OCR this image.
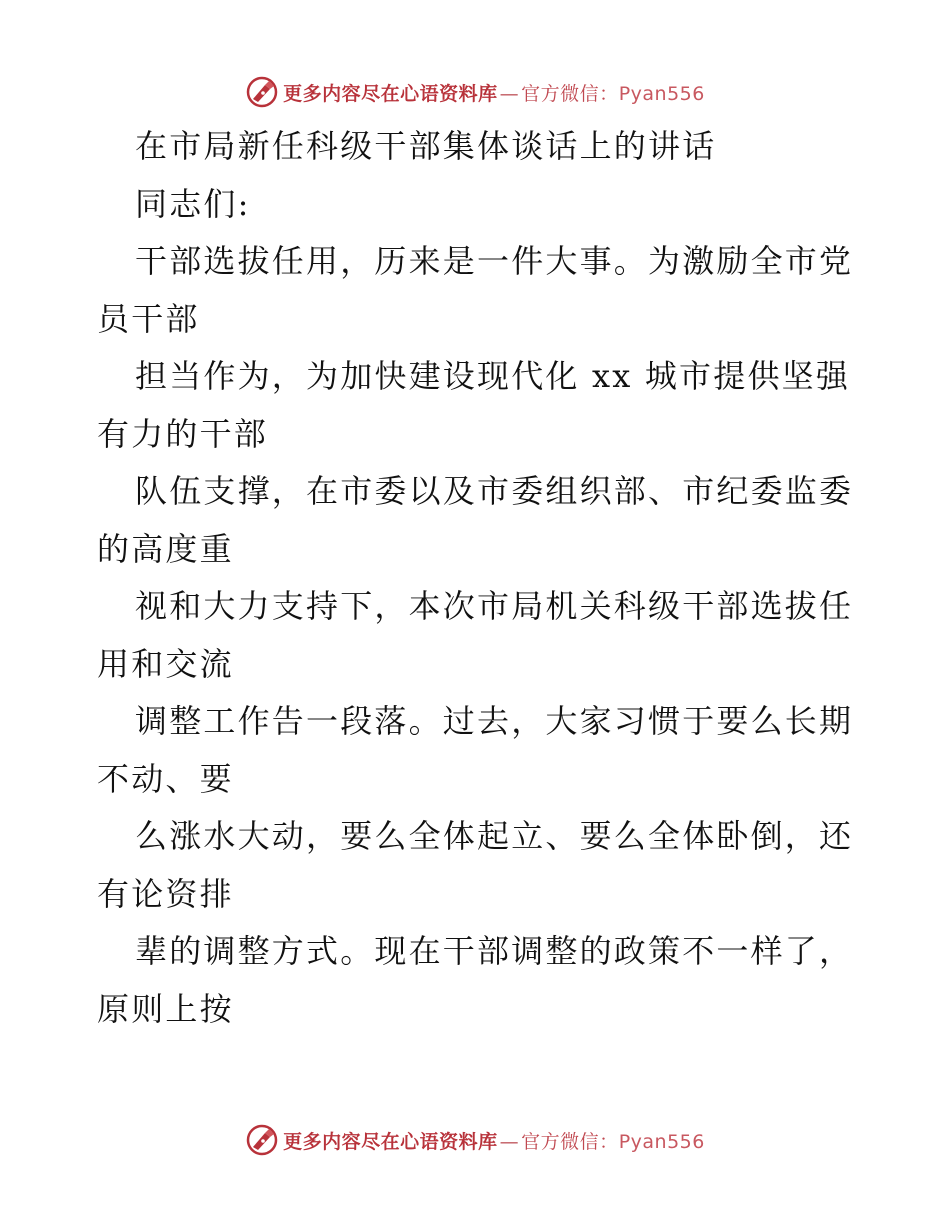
更多内容尽在心语资料库 — 官方微信：Pyan556
在市局新任科级干部集体谈话上的讲话
同志们:
干部选拔任用，历来是一件大事。为激励全市党
员干部
担当作为，为加快建设现代化 xx 城市提供坚强
有力的干部
队伍支撑，在市委以及市委组织部、市纪委监委
的高度重
视和大力支持下，本次市局机关科级干部选拔任
用和交流
调整工作告一段落。过去，大家习惯于要么长期
不动、要
么涨水大动，要么全体起立、要么全体卧倒，还
有论资排
辈的调整方式。现在干部调整的政策不一样了，
原则上按
更多内容尽在心语资料库 — 官方微信：Pyan556
